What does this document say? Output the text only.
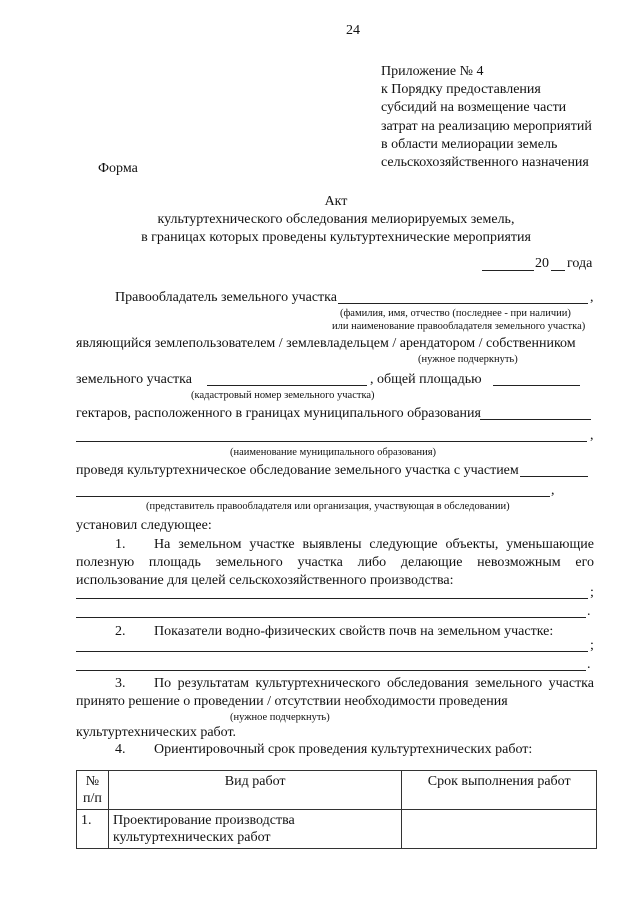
24
Приложение № 4
к Порядку предоставления
субсидий на возмещение части
затрат на реализацию мероприятий
в области мелиорации земель
сельскохозяйственного назначения
Форма
Акт
культуртехнического обследования мелиорируемых земель,
в границах которых проведены культуртехнические мероприятия
20 года
Правообладатель земельного участка	,
(фамилия, имя, отчество (последнее - при наличии)
или наименование правообладателя земельного участка)
являющийся землепользователем / землевладельцем / арендатором / собственником
(нужное подчеркнуть)
земельного участка	, общей площадью
(кадастровый номер земельного участка)
гектаров, расположенного в границах муниципального образования
,
(наименование муниципального образования)
проведя культуртехническое обследование земельного участка с участием
,
(представитель правообладателя или организация, участвующая в обследовании)
установил следующее:
1. На земельном участке выявлены следующие объекты, уменьшающие
полезную площадь земельного участка либо делающие невозможным его
использование для целей сельскохозяйственного производства:
;
.
2. Показатели водно-физических свойств почв на земельном участке:
;
.
3. По результатам культуртехнического обследования земельного участка
принято решение о проведении / отсутствии необходимости проведения
(нужное подчеркнуть)
культуртехнических работ.
4. Ориентировочный срок проведения культуртехнических работ:
№
п/п	Вид работ	Срок выполнения работ
1.	Проектирование производства
культуртехнических работ	
